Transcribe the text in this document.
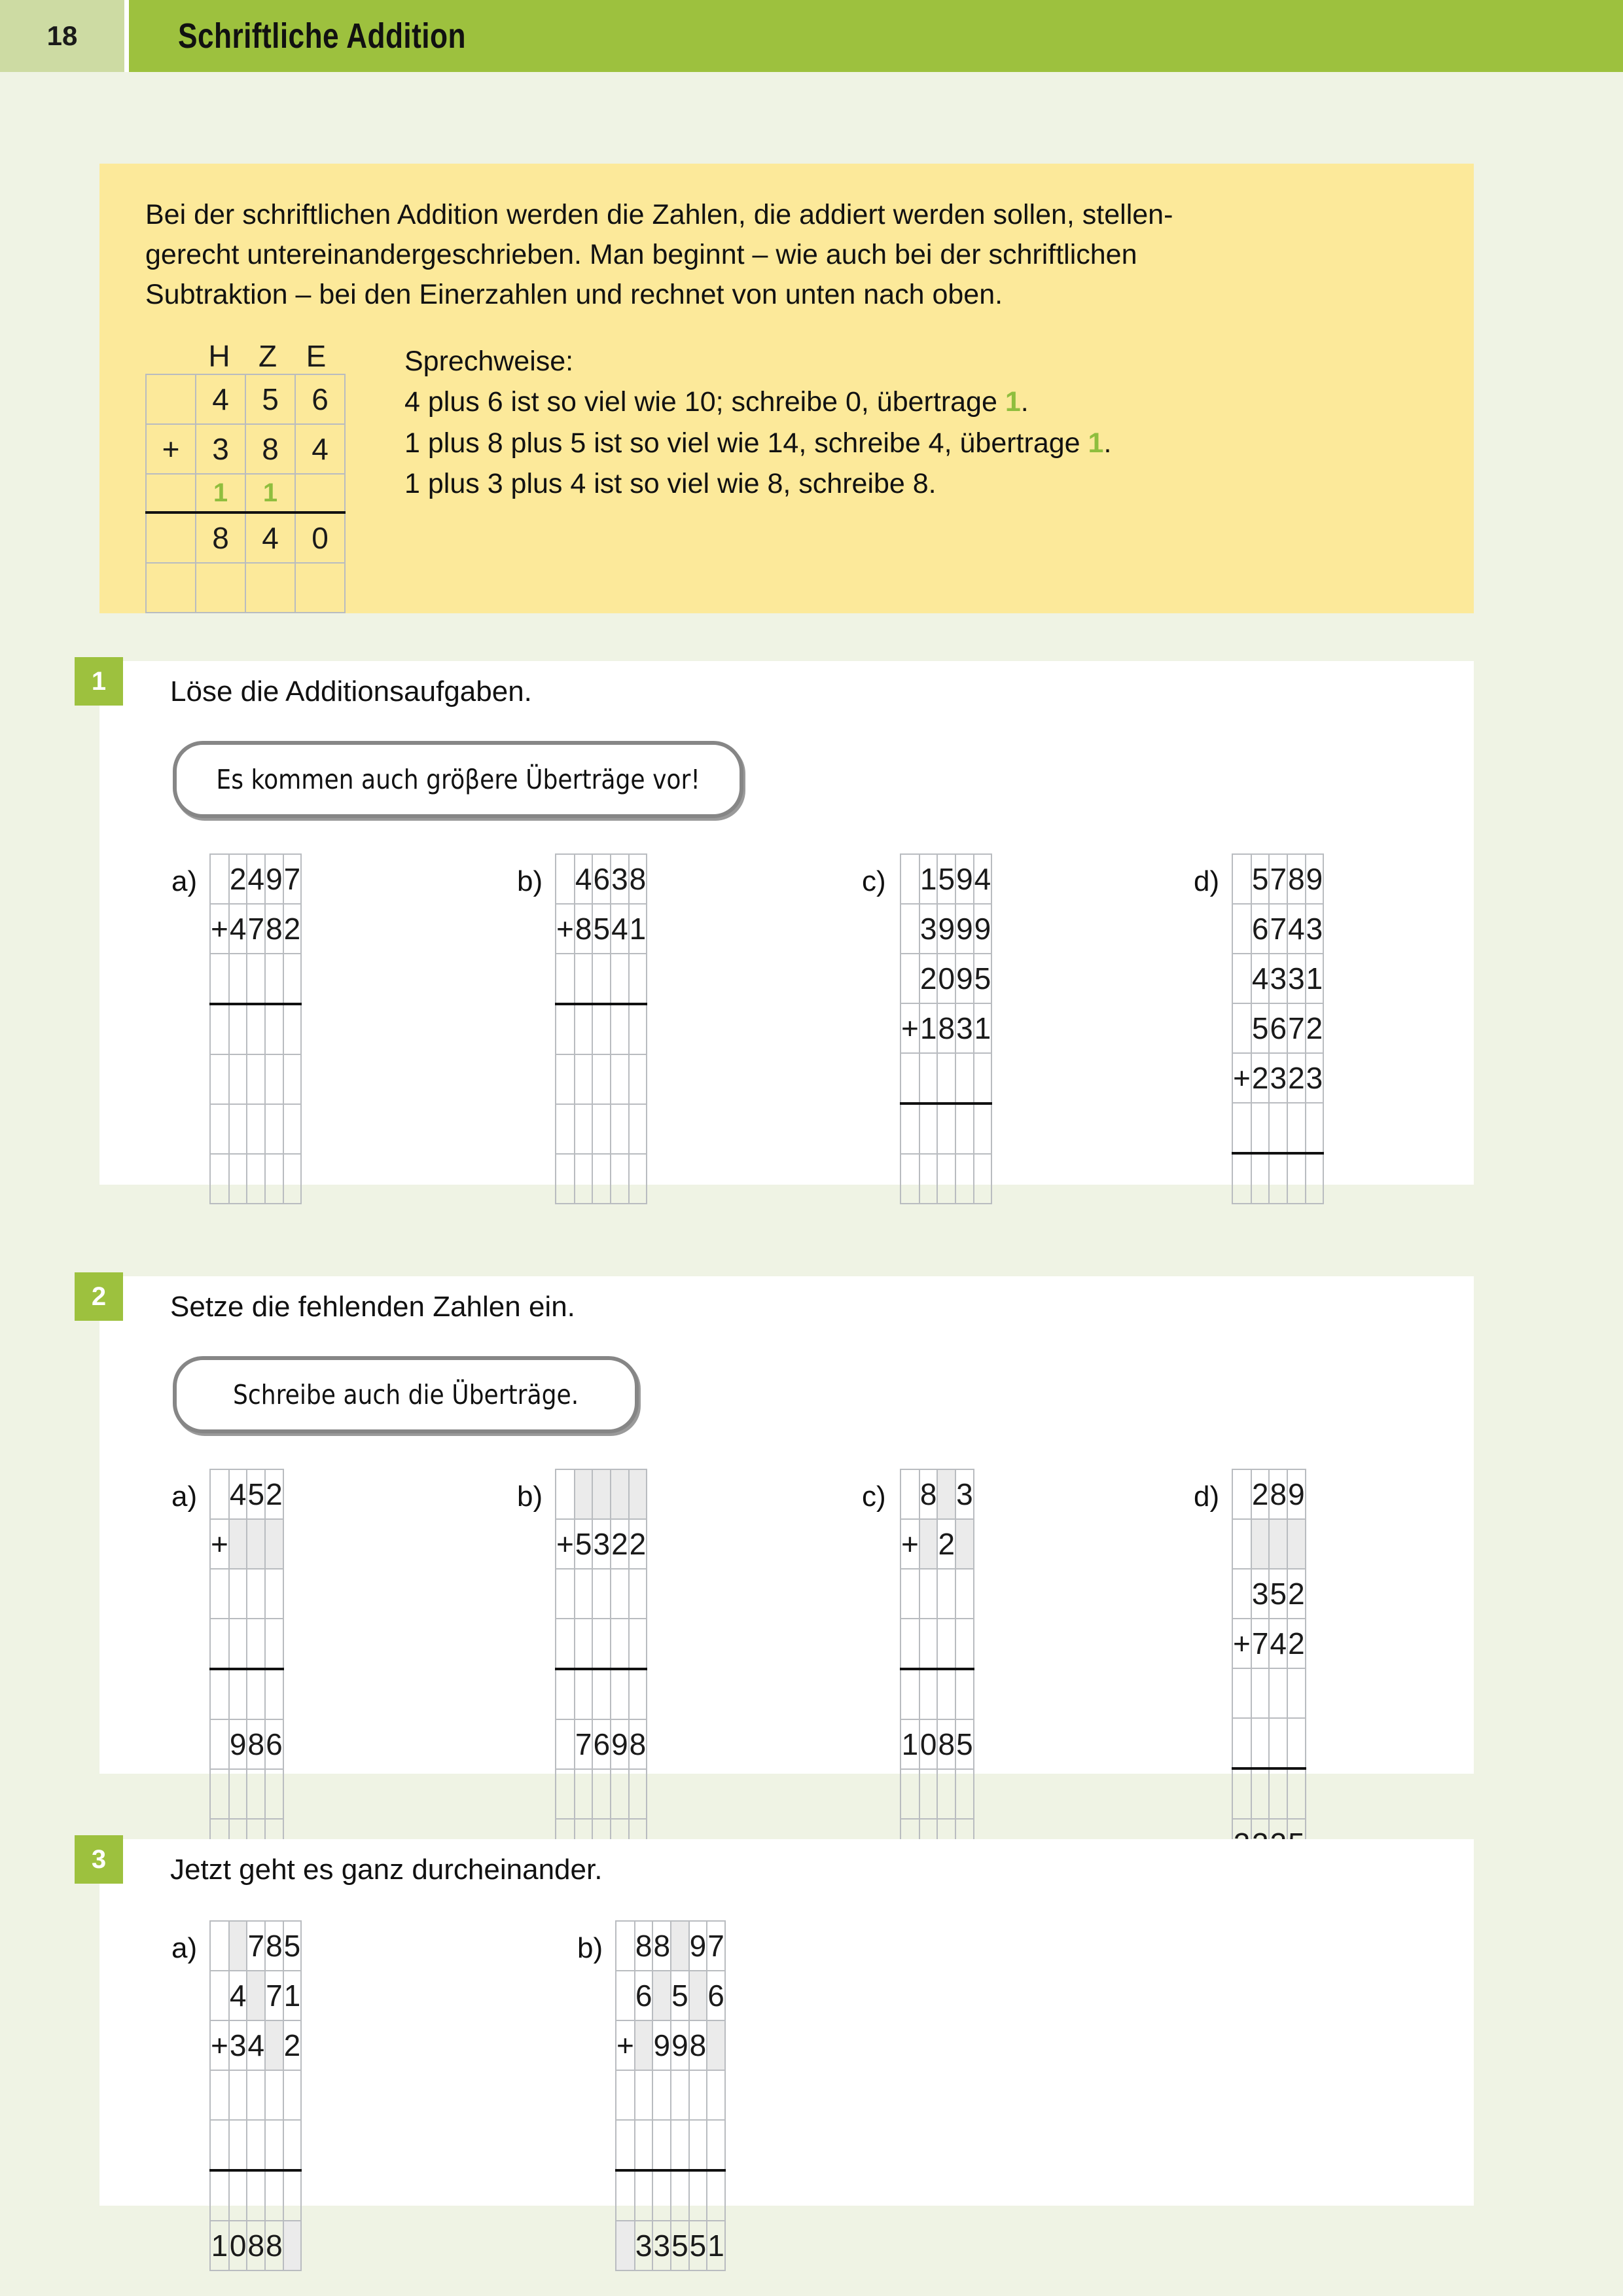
18	Schriftliche Addition
Bei der schriftlichen Addition werden die Zahlen, die addiert werden sollen, stellen-
gerecht untereinandergeschrieben. Man beginnt – wie auch bei der schriftlichen
Subtraktion – bei den Einerzahlen und rechnet von unten nach oben.
H Z E
	4	5	6
+	3	8	4
	1	1	
	8	4	0

Sprechweise:
4 plus 6 ist so viel wie 10; schreibe 0, übertrage 1.
1 plus 8 plus 5 ist so viel wie 14, schreibe 4, übertrage 1.
1 plus 3 plus 4 ist so viel wie 8, schreibe 8.
1	Löse die Additionsaufgaben.
Es kommen auch gröβere Überträge vor!
a)
	2	4	9	7
+	4	7	8	2

b)
	4	6	3	8
+	8	5	4	1

c)
	1	5	9	4
	3	9	9	9
	2	0	9	5
+	1	8	3	1

d)
	5	7	8	9
	6	7	4	3
	4	3	3	1
	5	6	7	2
+	2	3	2	3

2	Setze die fehlenden Zahlen ein.
Schreibe auch die Überträge.
a)
	4	5	2
+			

	9	8	6

b)

+	5	3	2	2

	7	6	9	8

c)
	8		3
+		2	

1	0	8	5

d)
	2	8	9

	3	5	2
+	7	4	2

3	Jetzt geht es ganz durcheinander.
a)
		7	8	5
	4		7	1
+	3	4		2

1	0	8	8	
b)
	8	8		9	7
	6		5		6
+		9	9	8	

	3	3	5	5	1
